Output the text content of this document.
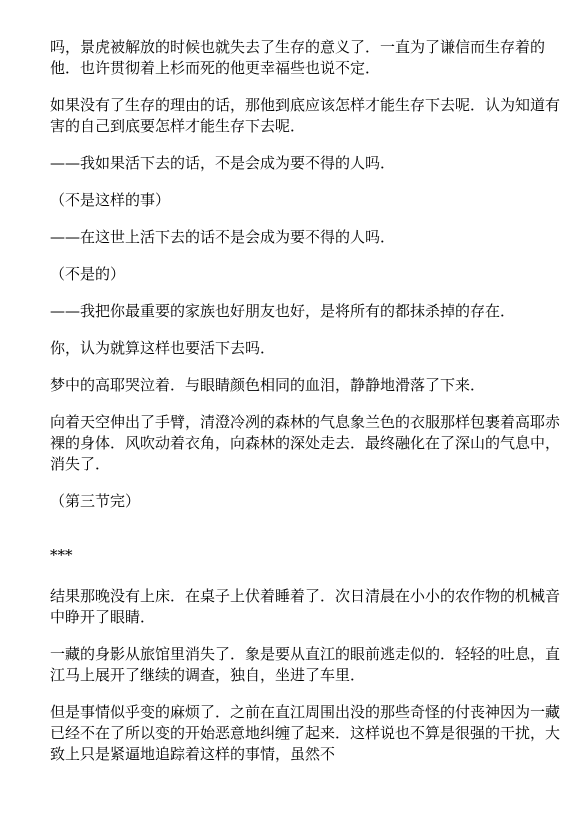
吗，景虎被解放的时候也就失去了生存的意义了．一直为了谦信而生存着的他．也许贯彻着上杉而死的他更幸福些也说不定．

如果没有了生存的理由的话，那他到底应该怎样才能生存下去呢．认为知道有害的自己到底要怎样才能生存下去呢．

——我如果活下去的话，不是会成为要不得的人吗．

（不是这样的事）

——在这世上活下去的话不是会成为要不得的人吗．

（不是的）

——我把你最重要的家族也好朋友也好，是将所有的都抹杀掉的存在．

你，认为就算这样也要活下去吗．

梦中的高耶哭泣着．与眼睛颜色相同的血泪，静静地滑落了下来．

向着天空伸出了手臂，清澄冷冽的森林的气息象兰色的衣服那样包裹着高耶赤裸的身体．风吹动着衣角，向森林的深处走去．最终融化在了深山的气息中，消失了．

（第三节完）

***

结果那晚没有上床．在桌子上伏着睡着了．次日清晨在小小的农作物的机械音中睁开了眼睛．

一藏的身影从旅馆里消失了．象是要从直江的眼前逃走似的．轻轻的吐息，直江马上展开了继续的调查，独自，坐进了车里．

但是事情似乎变的麻烦了．之前在直江周围出没的那些奇怪的付丧神因为一藏已经不在了所以变的开始恶意地纠缠了起来．这样说也不算是很强的干扰，大致上只是紧逼地追踪着这样的事情，虽然不
